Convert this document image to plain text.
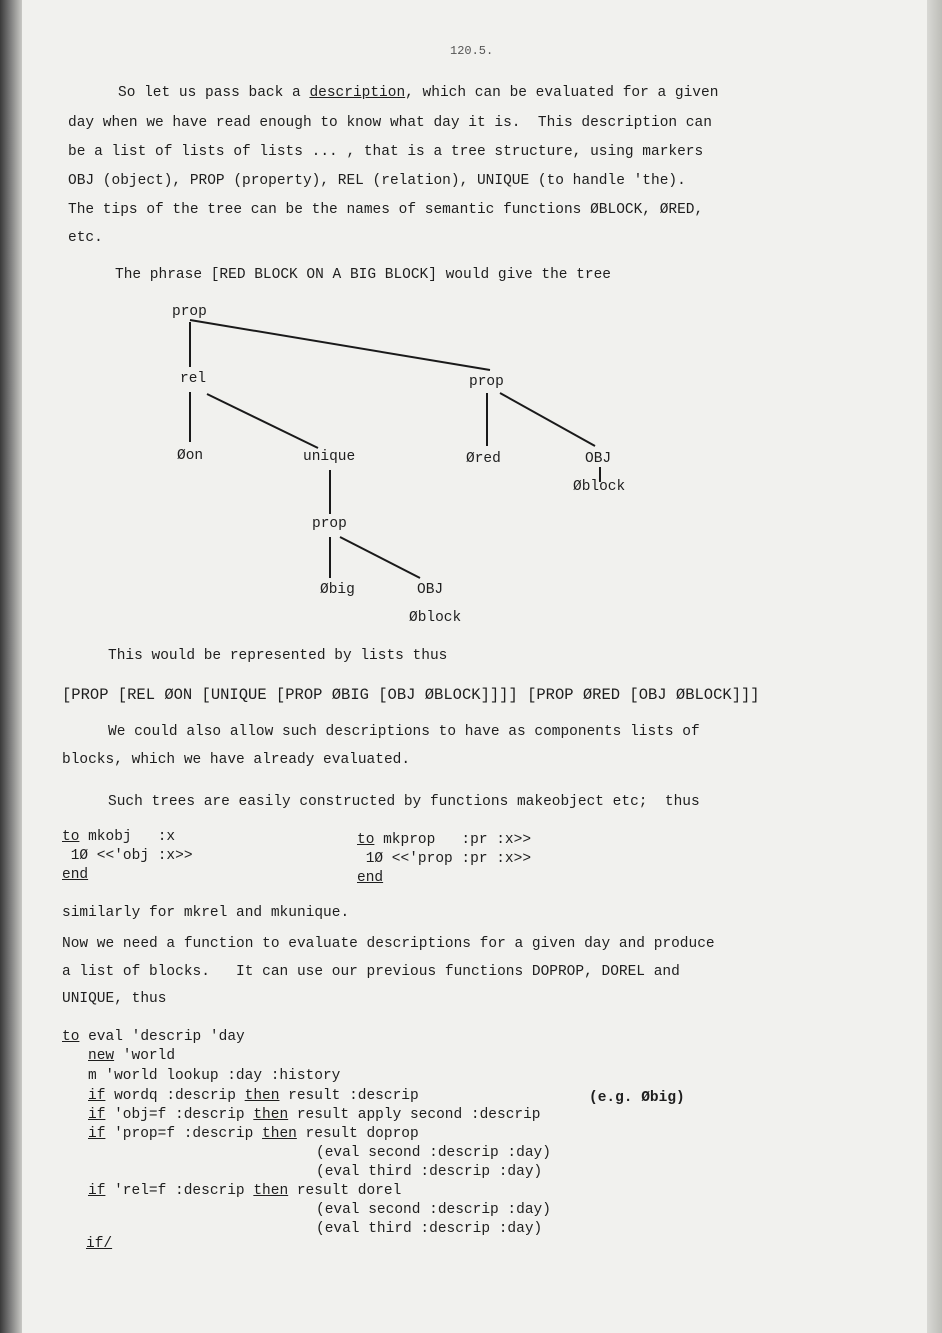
120.5.
So let us pass back a description, which can be evaluated for a given
day when we have read enough to know what day it is.  This description can
be a list of lists of lists ... , that is a tree structure, using markers
OBJ (object), PROP (property), REL (relation), UNIQUE (to handle 'the).
The tips of the tree can be the names of semantic functions ØBLOCK, ØRED,
etc.
The phrase [RED BLOCK ON A BIG BLOCK] would give the tree
prop
rel	prop
Øon	unique	Øred	OBJ
Øblock
prop
Øbig	OBJ
Øblock
This would be represented by lists thus
[PROP [REL ØON [UNIQUE [PROP ØBIG [OBJ ØBLOCK]]]] [PROP ØRED [OBJ ØBLOCK]]]
We could also allow such descriptions to have as components lists of
blocks, which we have already evaluated.
Such trees are easily constructed by functions makeobject etc;  thus
to mkobj   :x
1Ø <<'obj :x>>
end
to mkprop   :pr :x>>
1Ø <<'prop :pr :x>>
end
similarly for mkrel and mkunique.
Now we need a function to evaluate descriptions for a given day and produce
a list of blocks.   It can use our previous functions DOPROP, DOREL and
UNIQUE, thus
to eval 'descrip 'day
new 'world
m 'world lookup :day :history
if wordq :descrip then result :descrip	(e.g. Øbig)
if 'obj=f :descrip then result apply second :descrip
if 'prop=f :descrip then result doprop
(eval second :descrip :day)
(eval third :descrip :day)
if 'rel=f :descrip then result dorel
(eval second :descrip :day)
(eval third :descrip :day)
if/
